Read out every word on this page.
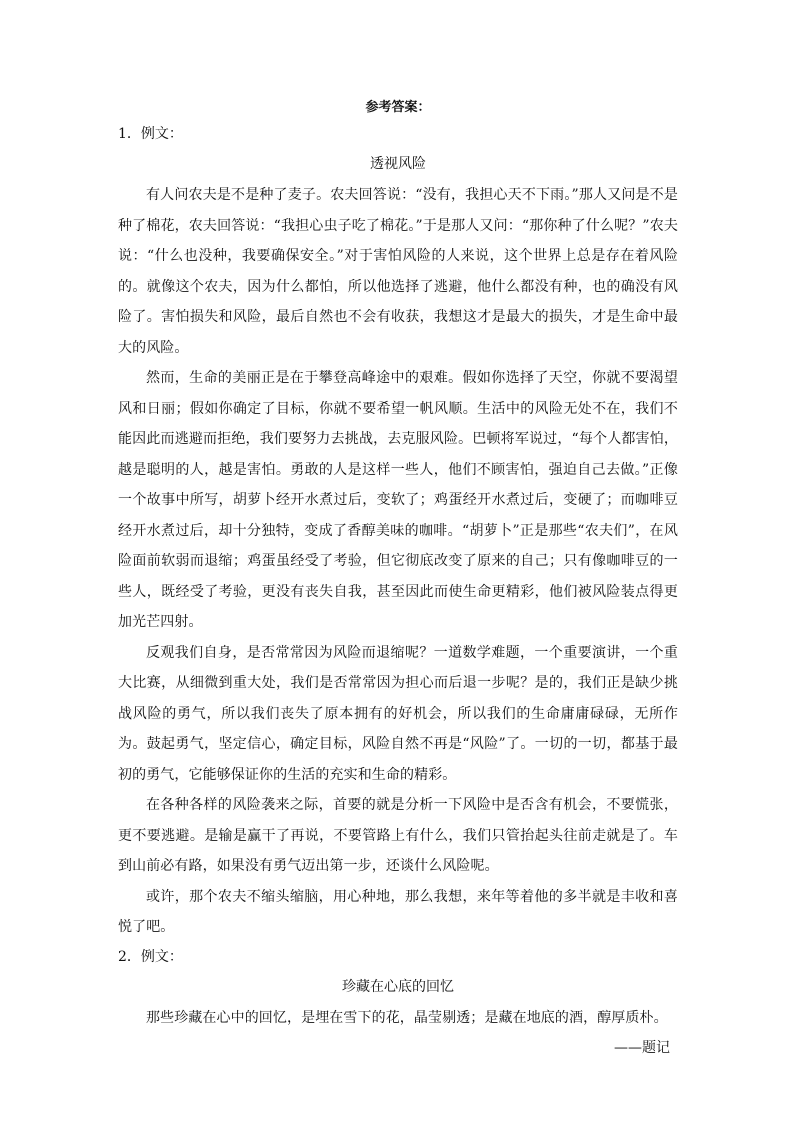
参考答案：
1．例文：
透视风险

有人问农夫是不是种了麦子。农夫回答说：“没有，我担心天不下雨。”那人又问是不是种了棉花，农夫回答说：“我担心虫子吃了棉花。”于是那人又问：“那你种了什么呢？”农夫说：“什么也没种，我要确保安全。”对于害怕风险的人来说，这个世界上总是存在着风险的。就像这个农夫，因为什么都怕，所以他选择了逃避，他什么都没有种，也的确没有风险了。害怕损失和风险，最后自然也不会有收获，我想这才是最大的损失，才是生命中最大的风险。

然而，生命的美丽正是在于攀登高峰途中的艰难。假如你选择了天空，你就不要渴望风和日丽；假如你确定了目标，你就不要希望一帆风顺。生活中的风险无处不在，我们不能因此而逃避而拒绝，我们要努力去挑战，去克服风险。巴顿将军说过，“每个人都害怕，越是聪明的人，越是害怕。勇敢的人是这样一些人，他们不顾害怕，强迫自己去做。”正像一个故事中所写，胡萝卜经开水煮过后，变软了；鸡蛋经开水煮过后，变硬了；而咖啡豆经开水煮过后，却十分独特，变成了香醇美味的咖啡。“胡萝卜”正是那些“农夫们”，在风险面前软弱而退缩；鸡蛋虽经受了考验，但它彻底改变了原来的自己；只有像咖啡豆的一些人，既经受了考验，更没有丧失自我，甚至因此而使生命更精彩，他们被风险装点得更加光芒四射。

反观我们自身，是否常常因为风险而退缩呢？一道数学难题，一个重要演讲，一个重大比赛，从细微到重大处，我们是否常常因为担心而后退一步呢？是的，我们正是缺少挑战风险的勇气，所以我们丧失了原本拥有的好机会，所以我们的生命庸庸碌碌，无所作为。鼓起勇气，坚定信心，确定目标，风险自然不再是“风险”了。一切的一切，都基于最初的勇气，它能够保证你的生活的充实和生命的精彩。

在各种各样的风险袭来之际，首要的就是分析一下风险中是否含有机会，不要慌张，更不要逃避。是输是赢干了再说，不要管路上有什么，我们只管抬起头往前走就是了。车到山前必有路，如果没有勇气迈出第一步，还谈什么风险呢。

或许，那个农夫不缩头缩脑，用心种地，那么我想，来年等着他的多半就是丰收和喜悦了吧。

2．例文：
珍藏在心底的回忆

那些珍藏在心中的回忆，是埋在雪下的花，晶莹剔透；是藏在地底的酒，醇厚质朴。

——题记
